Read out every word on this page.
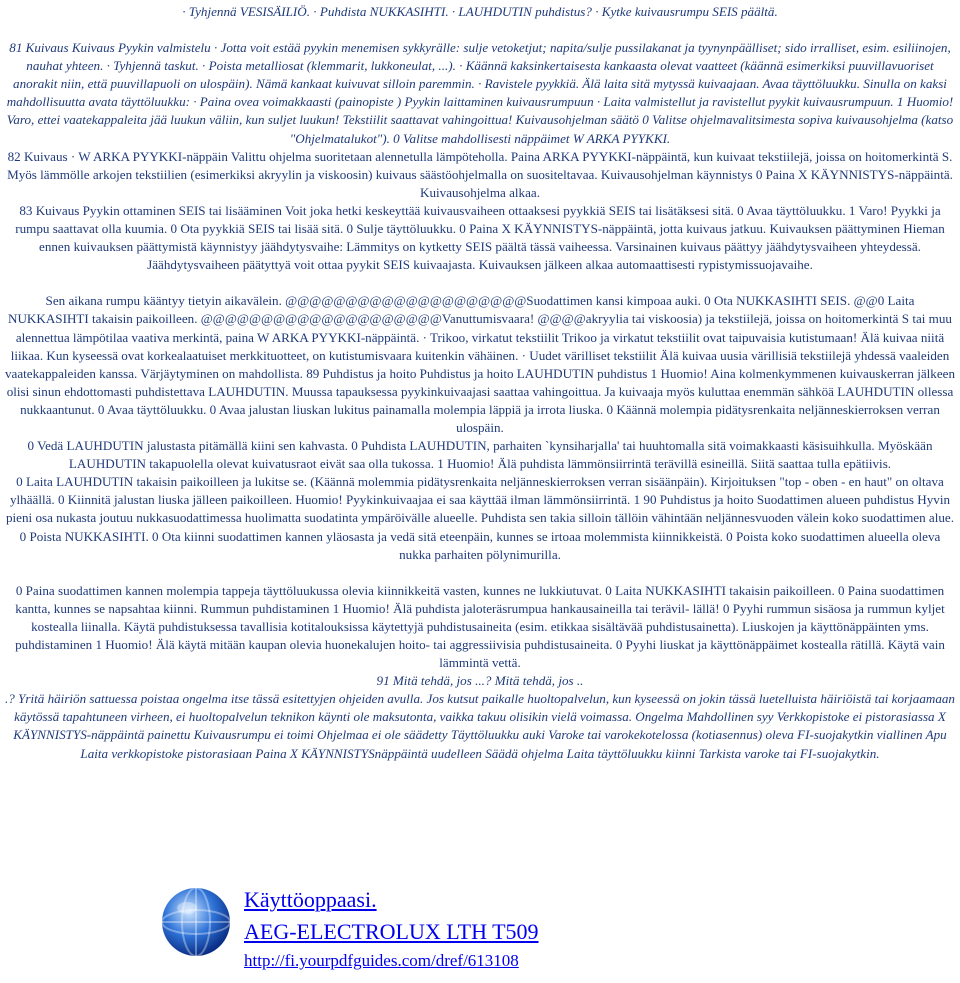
· Tyhjennä VESISÄILIÖ. · Puhdista NUKKASIHTI. · LAUHDUTIN puhdistus? · Kytke kuivausrumpu SEIS päältä.

81 Kuivaus Kuivaus Pyykin valmistelu · Jotta voit estää pyykin menemisen sykkyrälle: sulje vetoketjut; napita/sulje pussilakanat ja tyynynpäälliset; sido irralliset, esim. esiliinojen, nauhat yhteen. · Tyhjennä taskut. · Poista metalliosat (klemmarit, lukkoneulat, ...). · Käännä kaksinkertaisesta kankaasta olevat vaatteet (käännä esimerkiksi puuvillavuoriset anorakit niin, että puuvillapuoli on ulospäin). Nämä kankaat kuivuvat silloin paremmin. · Ravistele pyykkiä. Älä laita sitä mytyssä kuivaajaan. Avaa täyttöluukku. Sinulla on kaksi mahdollisuutta avata täyttöluukku: · Paina ovea voimakkaasti (painopiste ) Pyykin laittaminen kuivausrumpuun · Laita valmistellut ja ravistellut pyykit kuivausrumpuun. 1 Huomio! Varo, ettei vaatekappaleita jää luukun väliin, kun suljet luukun! Tekstiilit saattavat vahingoittua! Kuivausohjelman säätö 0 Valitse ohjelmavalitsimesta sopiva kuivausohjelma (katso "Ohjelmatalukot"). 0 Valitse mahdollisesti näppäimet W ARKA PYYKKI.

82 Kuivaus · W ARKA PYYKKI-näppäin Valittu ohjelma suoritetaan alennetulla lämpöteholla. Paina ARKA PYYKKI-näppäintä, kun kuivaat tekstiilejä, joissa on hoitomerkintä S. Myös lämmölle arkojen tekstiilien (esimerkiksi akryylin ja viskoosin) kuivaus säästöohjelmalla on suositeltavaa. Kuivausohjelman käynnistys 0 Paina X KÄYNNISTYS-näppäintä. Kuivausohjelma alkaa.

83 Kuivaus Pyykin ottaminen SEIS tai lisääminen Voit joka hetki keskeyttää kuivausvaiheen ottaaksesi pyykkiä SEIS tai lisätäksesi sitä. 0 Avaa täyttöluukku. 1 Varo! Pyykki ja rumpu saattavat olla kuumia. 0 Ota pyykkiä SEIS tai lisää sitä. 0 Sulje täyttöluukku. 0 Paina X KÄYNNISTYS-näppäintä, jotta kuivaus jatkuu. Kuivauksen päättyminen Hieman ennen kuivauksen päättymistä käynnistyy jäähdytysvaihe: Lämmitys on kytketty SEIS päältä tässä vaiheessa. Varsinainen kuivaus päättyy jäähdytysvaiheen yhteydessä. Jäähdytysvaiheen päätyttyä voit ottaa pyykit SEIS kuivaajasta. Kuivauksen jälkeen alkaa automaattisesti rypistymissuojavaihe.

Sen aikana rumpu kääntyy tietyin aikavälein. @@@@@@@@@@@@@@@@@@@@Suodattimen kansi kimpoaa auki. 0 Ota NUKKASIHTI SEIS. @@0 Laita NUKKASIHTI takaisin paikoilleen. @@@@@@@@@@@@@@@@@@@@Vanuttumisvaara! @@@@akryylia tai viskoosia) ja tekstiilejä, joissa on hoitomerkintä S tai muu alennettua lämpötilaa vaativa merkintä, paina W ARKA PYYKKI-näppäintä. · Trikoo, virkatut tekstiilit Trikoo ja virkatut tekstiilit ovat taipuvaisia kutistumaan! Älä kuivaa niitä liikaa. Kun kyseessä ovat korkealaatuiset merkkituotteet, on kutistumisvaara kuitenkin vähäinen. · Uudet värilliset tekstiilit Älä kuivaa uusia värillisiä tekstiilejä yhdessä vaaleiden vaatekappaleiden kanssa. Värjäytyminen on mahdollista. 89 Puhdistus ja hoito Puhdistus ja hoito LAUHDUTIN puhdistus 1 Huomio! Aina kolmenkymmenen kuivauskerran jälkeen olisi sinun ehdottomasti puhdistettava LAUHDUTIN. Muussa tapauksessa pyykinkuivaajasi saattaa vahingoittua. Ja kuivaaja myös kuluttaa enemmän sähköä LAUHDUTIN ollessa nukkaantunut. 0 Avaa täyttöluukku. 0 Avaa jalustan liuskan lukitus painamalla molempia läppiä ja irrota liuska. 0 Käännä molempia pidätysrenkaita neljänneskierroksen verran ulospäin.

0 Vedä LAUHDUTIN jalustasta pitämällä kiini sen kahvasta. 0 Puhdista LAUHDUTIN, parhaiten `kynsiharjalla' tai huuhtomalla sitä voimakkaasti käsisuihkulla. Myöskään LAUHDUTIN takapuolella olevat kuivatusraot eivät saa olla tukossa. 1 Huomio! Älä puhdista lämmönsiirrintä terävillä esineillä. Siitä saattaa tulla epätiivis.

0 Laita LAUHDUTIN takaisin paikoilleen ja lukitse se. (Käännä molemmia pidätysrenkaita neljänneskierroksen verran sisäänpäin). Kirjoituksen "top - oben - en haut" on oltava ylhäällä. 0 Kiinnitä jalustan liuska jälleen paikoilleen. Huomio! Pyykinkuivaajaa ei saa käyttää ilman lämmönsiirrintä. 1 90 Puhdistus ja hoito Suodattimen alueen puhdistus Hyvin pieni osa nukasta joutuu nukkasuodattimessa huolimatta suodatinta ympäröivälle alueelle. Puhdista sen takia silloin tällöin vähintään neljännesvuoden välein koko suodattimen alue. 0 Poista NUKKASIHTI. 0 Ota kiinni suodattimen kannen yläosasta ja vedä sitä eteenpäin, kunnes se irtoaa molemmista kiinnikkeistä. 0 Poista koko suodattimen alueella oleva nukka parhaiten pölynimurilla.

0 Paina suodattimen kannen molempia tappeja täyttöluukussa olevia kiinnikkeitä vasten, kunnes ne lukkiutuvat. 0 Laita NUKKASIHTI takaisin paikoilleen. 0 Paina suodattimen kantta, kunnes se napsahtaa kiinni. Rummun puhdistaminen 1 Huomio! Älä puhdista jaloteräsrumpua hankausaineilla tai terävil- lällä! 0 Pyyhi rummun sisäosa ja rummun kyljet kostealla liinalla. Käytä puhdistuksessa tavallisia kotitalouksissa käytettyjä puhdistusaineita (esim. etikkaa sisältävää puhdistusainetta). Liuskojen ja käyttönäppäinten yms. puhdistaminen 1 Huomio! Älä käytä mitään kaupan olevia huonekalujen hoito- tai aggressiivisia puhdistusaineita. 0 Pyyhi liuskat ja käyttönäppäimet kostealla rätillä. Käytä vain lämmintä vettä.

91 Mitä tehdä, jos ...? Mitä tehdä, jos ..

.? Yritä häiriön sattuessa poistaa ongelma itse tässä esitettyjen ohjeiden avulla. Jos kutsut paikalle huoltopalvelun, kun kyseessä on jokin tässä luetelluista häiriöistä tai korjaamaan käytössä tapahtuneen virheen, ei huoltopalvelun teknikon käynti ole maksutonta, vaikka takuu olisikin vielä voimassa. Ongelma Mahdollinen syy Verkkopistoke ei pistorasiassa X KÄYNNISTYS-näppäintä painettu Kuivausrumpu ei toimi Ohjelmaa ei ole säädetty Täyttöluukku auki Varoke tai varokekotelossa (kotiasennus) oleva FI-suojakytkin viallinen Apu Laita verkkopistoke pistorasiaan Paina X KÄYNNISTYSnäppäintä uudelleen Säädä ohjelma Laita täyttöluukku kiinni Tarkista varoke tai FI-suojakytkin.

Käyttöoppaasi.
AEG-ELECTROLUX LTH T509
http://fi.yourpdfguides.com/dref/613108
